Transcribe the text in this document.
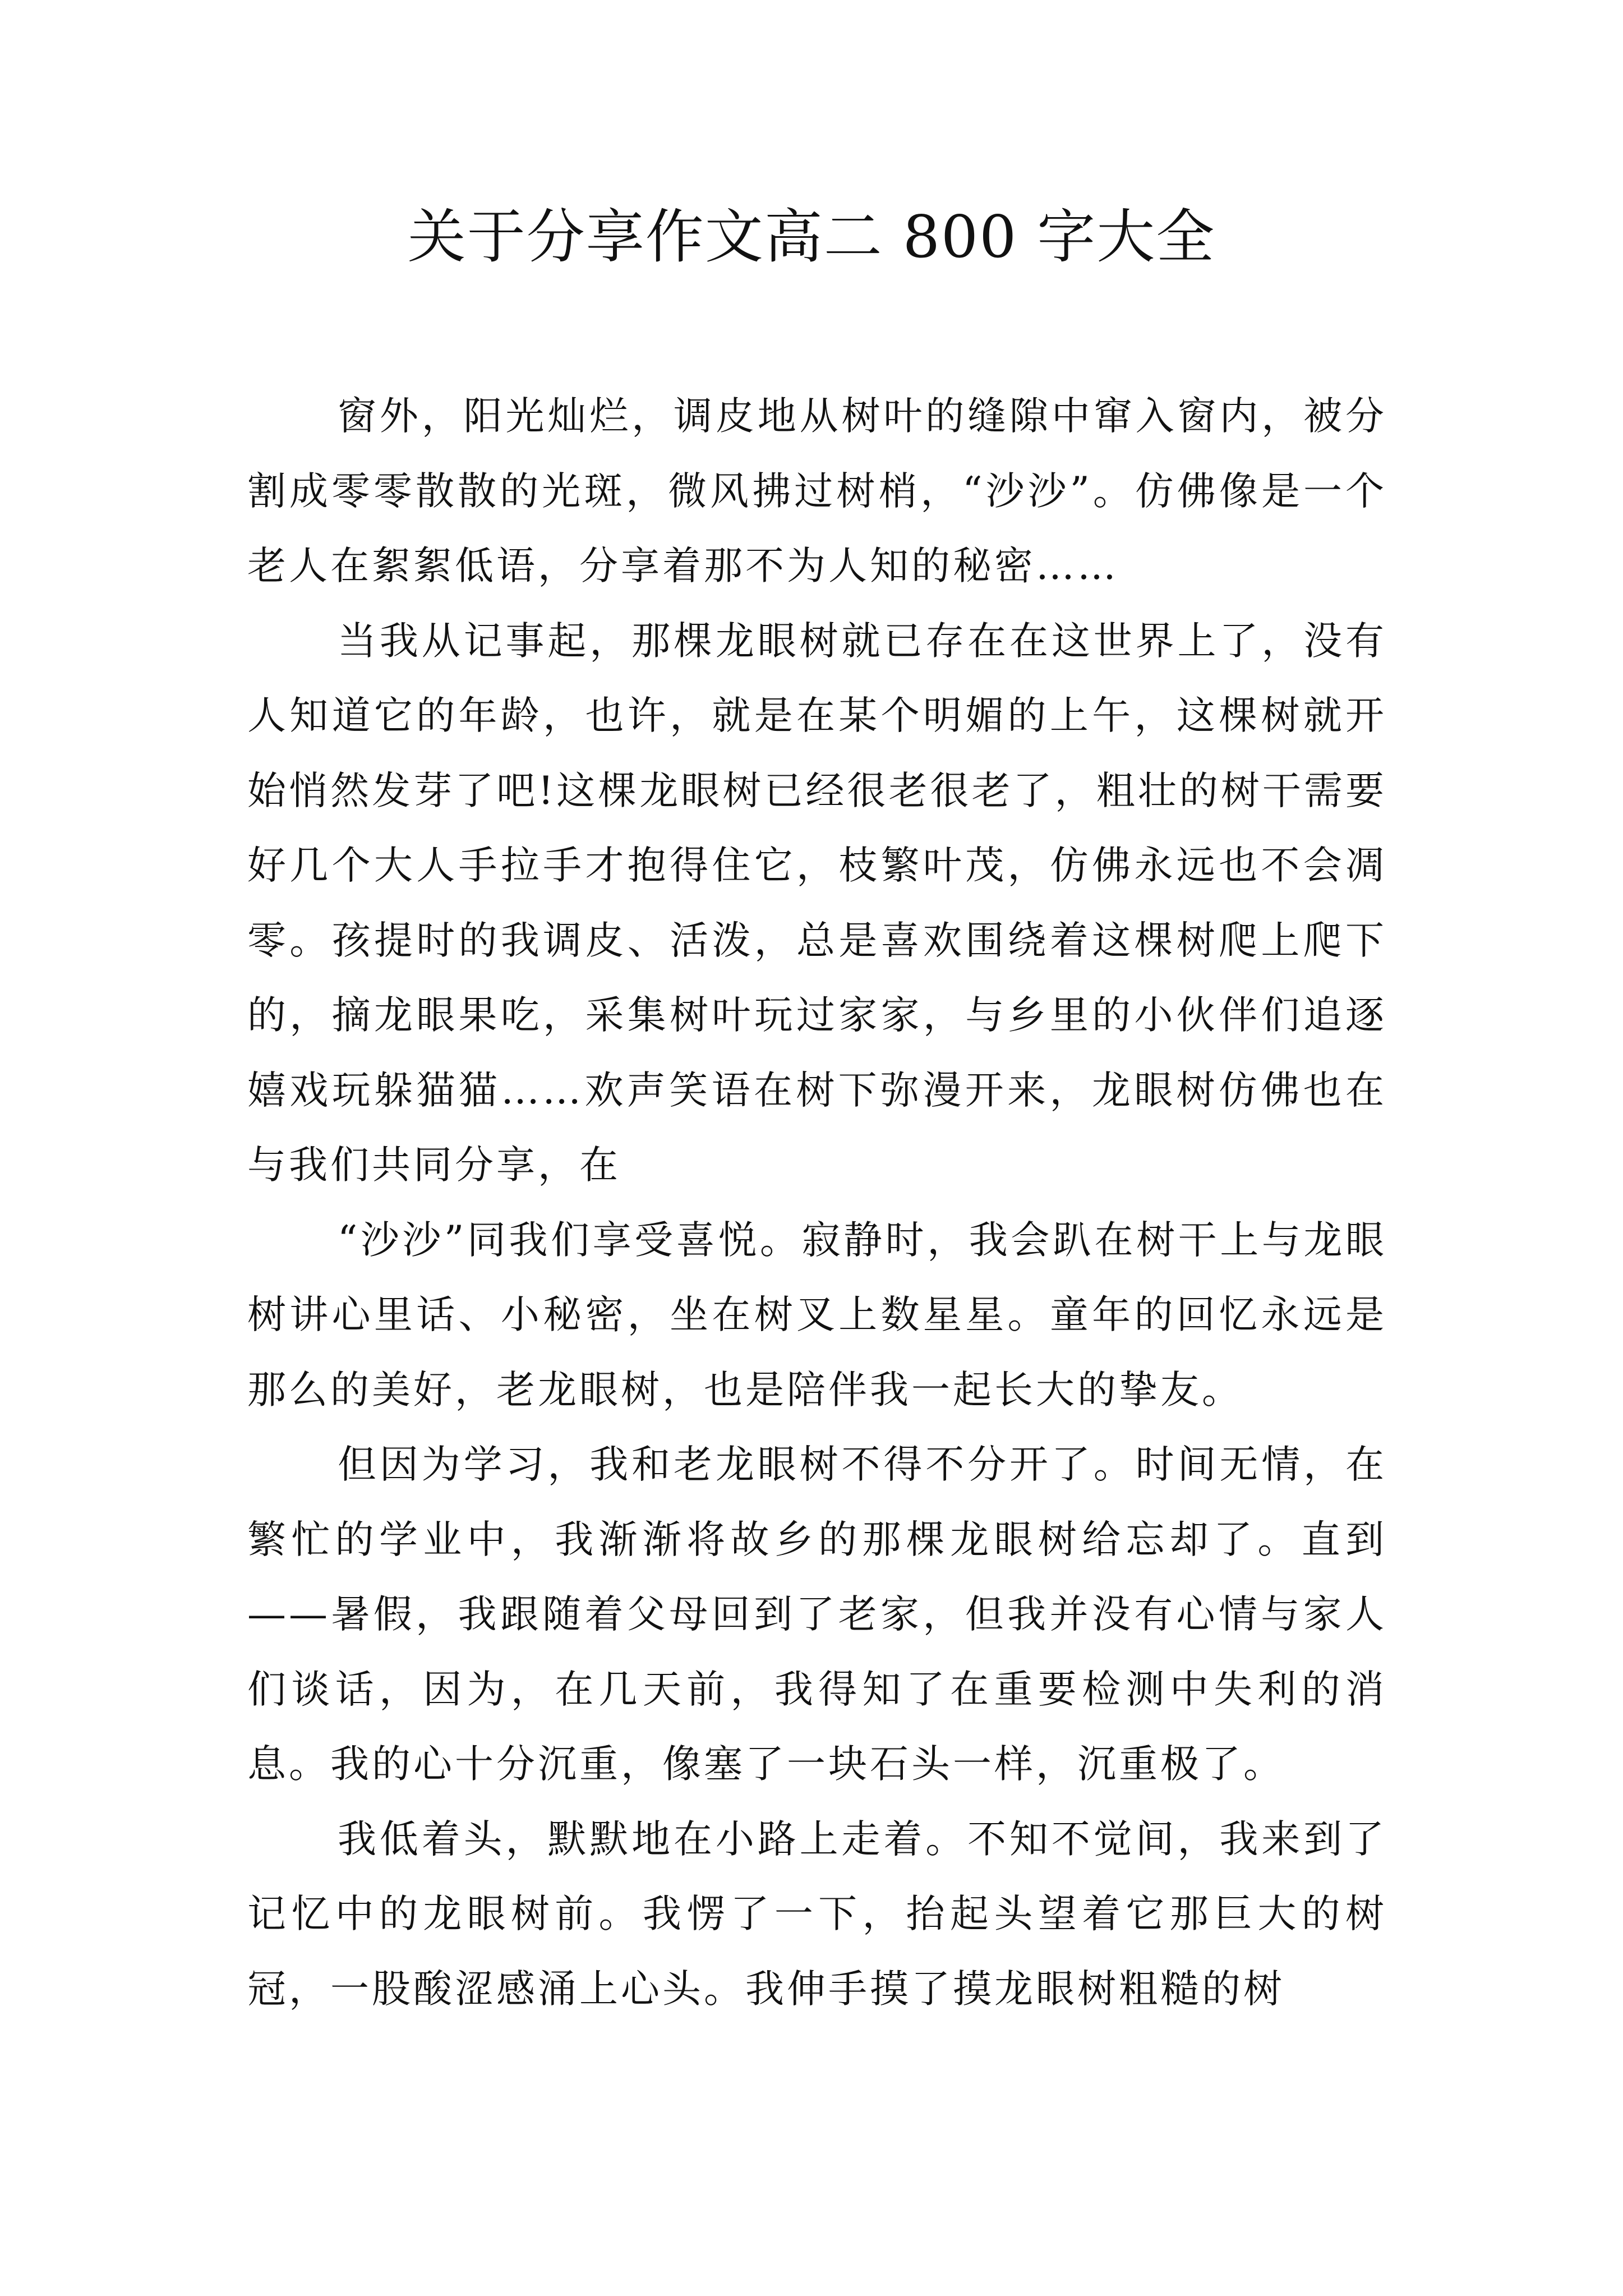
关于分享作文高二 800 字大全

窗外，阳光灿烂，调皮地从树叶的缝隙中窜入窗内，被分割成零零散散的光斑，微风拂过树梢，“沙沙”。仿佛像是一个老人在絮絮低语，分享着那不为人知的秘密……

当我从记事起，那棵龙眼树就已存在在这世界上了，没有人知道它的年龄，也许，就是在某个明媚的上午，这棵树就开始悄然发芽了吧!这棵龙眼树已经很老很老了，粗壮的树干需要好几个大人手拉手才抱得住它，枝繁叶茂，仿佛永远也不会凋零。孩提时的我调皮、活泼，总是喜欢围绕着这棵树爬上爬下的，摘龙眼果吃，采集树叶玩过家家，与乡里的小伙伴们追逐嬉戏玩躲猫猫……欢声笑语在树下弥漫开来，龙眼树仿佛也在与我们共同分享，在

“沙沙”同我们享受喜悦。寂静时，我会趴在树干上与龙眼树讲心里话、小秘密，坐在树叉上数星星。童年的回忆永远是那么的美好，老龙眼树，也是陪伴我一起长大的挚友。

但因为学习，我和老龙眼树不得不分开了。时间无情，在繁忙的学业中，我渐渐将故乡的那棵龙眼树给忘却了。直到——暑假，我跟随着父母回到了老家，但我并没有心情与家人们谈话，因为，在几天前，我得知了在重要检测中失利的消息。我的心十分沉重，像塞了一块石头一样，沉重极了。

我低着头，默默地在小路上走着。不知不觉间，我来到了记忆中的龙眼树前。我愣了一下，抬起头望着它那巨大的树冠，一股酸涩感涌上心头。我伸手摸了摸龙眼树粗糙的树
